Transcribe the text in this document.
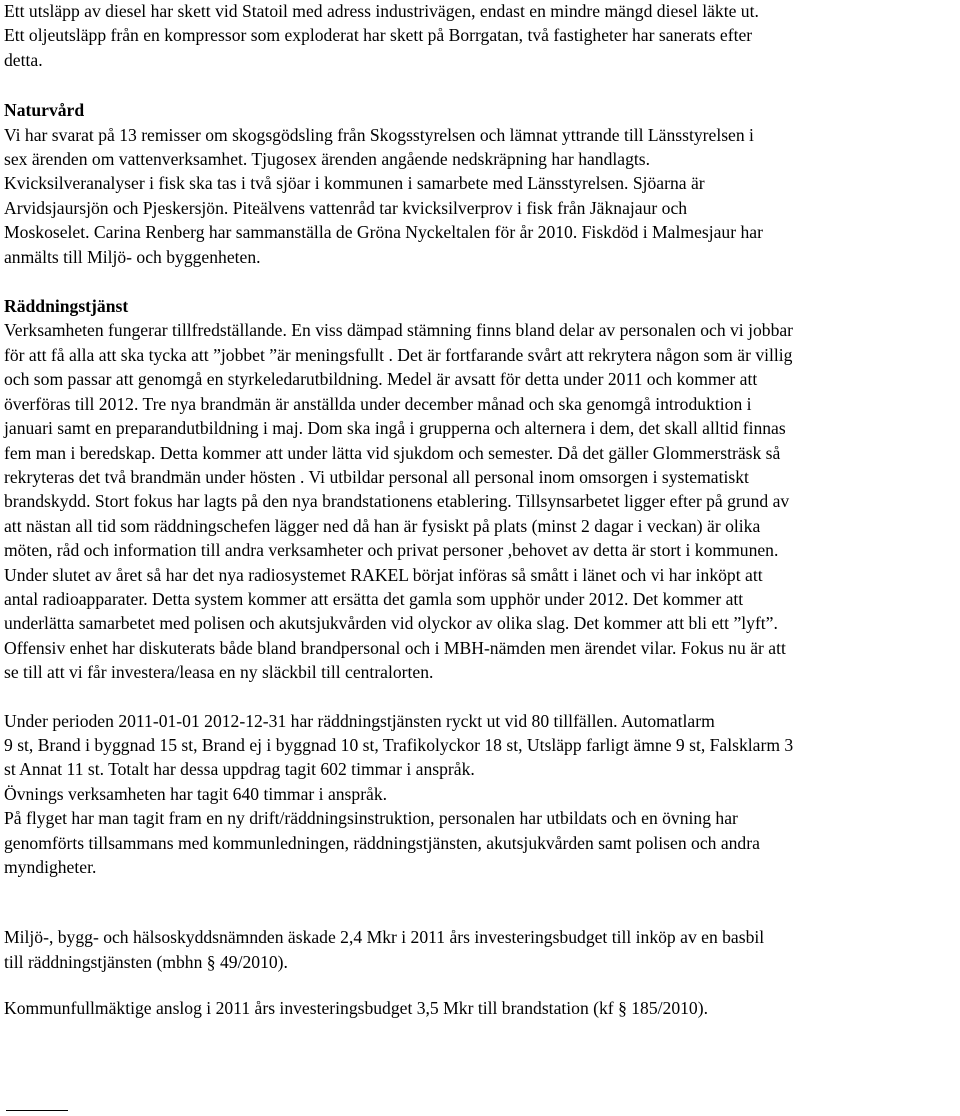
Ett utsläpp av diesel har skett vid Statoil med adress industrivägen, endast en mindre mängd diesel läkte ut.
Ett oljeutsläpp från en kompressor som exploderat har skett på Borrgatan, två fastigheter har sanerats efter
detta.

Naturvård

Vi har svarat på 13 remisser om skogsgödsling från Skogsstyrelsen och lämnat yttrande till Länsstyrelsen i
sex ärenden om vattenverksamhet. Tjugosex ärenden angående nedskräpning har handlagts.
Kvicksilveranalyser i fisk ska tas i två sjöar i kommunen i samarbete med Länsstyrelsen. Sjöarna är
Arvidsjaursjön och Pjeskersjön. Piteälvens vattenråd tar kvicksilverprov i fisk från Jäknajaur och
Moskoselet. Carina Renberg har sammanställa de Gröna Nyckeltalen för år 2010. Fiskdöd i Malmesjaur har
anmälts till Miljö- och byggenheten.

Räddningstjänst

Verksamheten fungerar tillfredställande. En viss dämpad stämning finns bland delar av personalen och vi jobbar
för att få alla att ska tycka att ”jobbet ”är meningsfullt . Det är fortfarande svårt att rekrytera någon som är villig
och som passar att genomgå en styrkeledarutbildning. Medel är avsatt för detta under 2011 och kommer att
överföras till 2012. Tre nya brandmän är anställda under december månad och ska genomgå introduktion i
januari samt en preparandutbildning i maj. Dom ska ingå i grupperna och alternera i dem, det skall alltid finnas
fem man i beredskap. Detta kommer att under lätta vid sjukdom och semester. Då det gäller Glommersträsk så
rekryteras det två brandmän under hösten . Vi utbildar personal all personal inom omsorgen i systematiskt
brandskydd. Stort fokus har lagts på den nya brandstationens etablering. Tillsynsarbetet ligger efter på grund av
att nästan all tid som räddningschefen lägger ned då han är fysiskt på plats (minst 2 dagar i veckan) är olika
möten, råd och information till andra verksamheter och privat personer ,behovet av detta är stort i kommunen.
Under slutet av året så har det nya radiosystemet RAKEL börjat införas så smått i länet och vi har inköpt att
antal radioapparater. Detta system kommer att ersätta det gamla som upphör under 2012. Det kommer att
underlätta samarbetet med polisen och akutsjukvården vid olyckor av olika slag. Det kommer att bli ett ”lyft”.
Offensiv enhet har diskuterats både bland brandpersonal och i MBH-nämden men ärendet vilar. Fokus nu är att
se till att vi får investera/leasa en ny släckbil till centralorten.

Under perioden 2011-01-01 2012-12-31 har räddningstjänsten ryckt ut vid 80 tillfällen. Automatlarm
9 st, Brand i byggnad 15 st, Brand ej i byggnad 10 st, Trafikolyckor 18 st, Utsläpp farligt ämne 9 st, Falsklarm 3
st Annat 11 st. Totalt har dessa uppdrag tagit 602 timmar i anspråk.
Övnings verksamheten har tagit 640 timmar i anspråk.
På flyget har man tagit fram en ny drift/räddningsinstruktion, personalen har utbildats och en övning har
genomförts tillsammans med kommunledningen, räddningstjänsten, akutsjukvården samt polisen och andra
myndigheter.

Miljö-, bygg- och hälsoskyddsnämnden äskade 2,4 Mkr i 2011 års investeringsbudget till inköp av en basbil
till räddningstjänsten (mbhn § 49/2010).

Kommunfullmäktige anslog i 2011 års investeringsbudget 3,5 Mkr till brandstation (kf § 185/2010).
